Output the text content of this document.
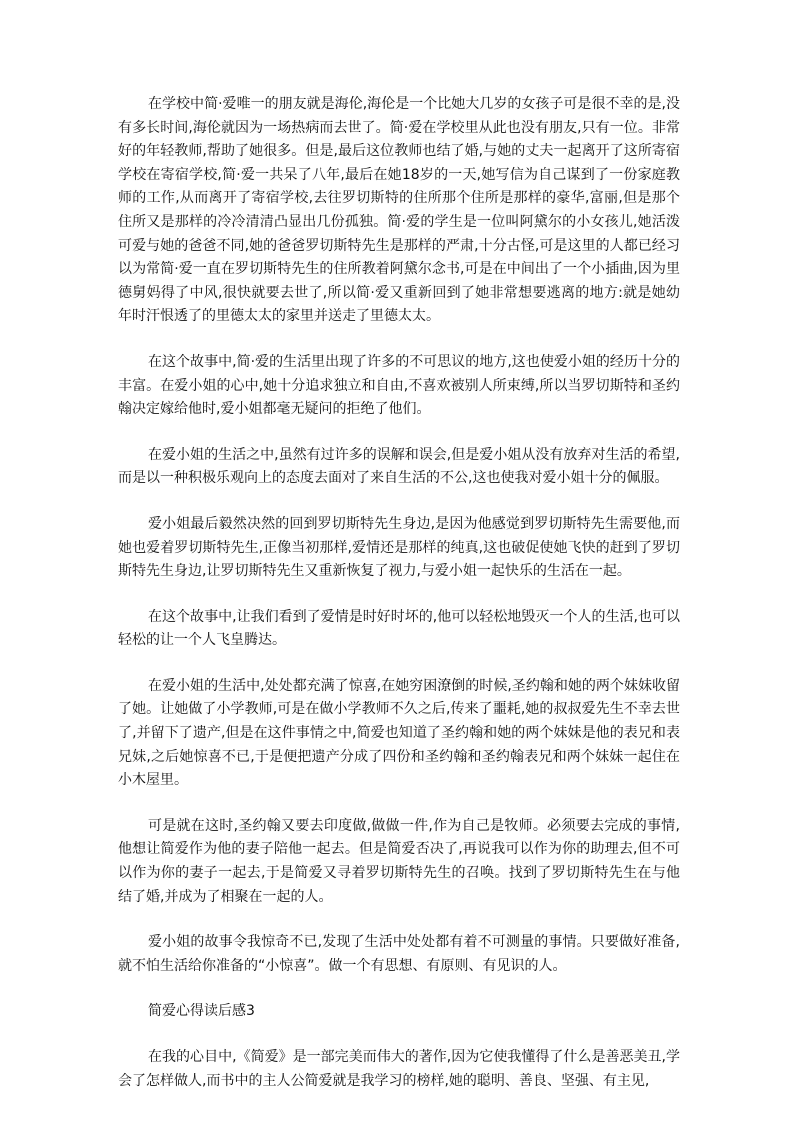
在学校中简·爱唯一的朋友就是海伦,海伦是一个比她大几岁的女孩子可是很不幸的是,没有多长时间,海伦就因为一场热病而去世了。简·爱在学校里从此也没有朋友,只有一位。非常好的年轻教师,帮助了她很多。但是,最后这位教师也结了婚,与她的丈夫一起离开了这所寄宿学校在寄宿学校,简·爱一共呆了八年,最后在她18岁的一天,她写信为自己谋到了一份家庭教师的工作,从而离开了寄宿学校,去往罗切斯特的住所那个住所是那样的豪华,富丽,但是那个住所又是那样的冷冷清清凸显出几份孤独。简·爱的学生是一位叫阿黛尔的小女孩儿,她活泼可爱与她的爸爸不同,她的爸爸罗切斯特先生是那样的严肃,十分古怪,可是这里的人都已经习以为常简·爱一直在罗切斯特先生的住所教着阿黛尔念书,可是在中间出了一个小插曲,因为里德舅妈得了中风,很快就要去世了,所以简·爱又重新回到了她非常想要逃离的地方:就是她幼年时汗恨透了的里德太太的家里并送走了里德太太。

在这个故事中,简·爱的生活里出现了许多的不可思议的地方,这也使爱小姐的经历十分的丰富。在爱小姐的心中,她十分追求独立和自由,不喜欢被别人所束缚,所以当罗切斯特和圣约翰决定嫁给他时,爱小姐都毫无疑问的拒绝了他们。

在爱小姐的生活之中,虽然有过许多的误解和误会,但是爱小姐从没有放弃对生活的希望,而是以一种积极乐观向上的态度去面对了来自生活的不公,这也使我对爱小姐十分的佩服。

爱小姐最后毅然决然的回到罗切斯特先生身边,是因为他感觉到罗切斯特先生需要他,而她也爱着罗切斯特先生,正像当初那样,爱情还是那样的纯真,这也破促使她飞快的赶到了罗切斯特先生身边,让罗切斯特先生又重新恢复了视力,与爱小姐一起快乐的生活在一起。

在这个故事中,让我们看到了爱情是时好时坏的,他可以轻松地毁灭一个人的生活,也可以轻松的让一个人飞皇腾达。

在爱小姐的生活中,处处都充满了惊喜,在她穷困潦倒的时候,圣约翰和她的两个妹妹收留了她。让她做了小学教师,可是在做小学教师不久之后,传来了噩耗,她的叔叔爱先生不幸去世了,并留下了遗产,但是在这件事情之中,简爱也知道了圣约翰和她的两个妹妹是他的表兄和表兄妹,之后她惊喜不已,于是便把遗产分成了四份和圣约翰和圣约翰表兄和两个妹妹一起住在小木屋里。

可是就在这时,圣约翰又要去印度做,做做一件,作为自己是牧师。必须要去完成的事情,他想让简爱作为他的妻子陪他一起去。但是简爱否决了,再说我可以作为你的助理去,但不可以作为你的妻子一起去,于是简爱又寻着罗切斯特先生的召唤。找到了罗切斯特先生在与他结了婚,并成为了相聚在一起的人。

爱小姐的故事令我惊奇不已,发现了生活中处处都有着不可测量的事情。只要做好准备,就不怕生活给你准备的“小惊喜”。做一个有思想、有原则、有见识的人。

简爱心得读后感3

在我的心目中,《简爱》是一部完美而伟大的著作,因为它使我懂得了什么是善恶美丑,学会了怎样做人,而书中的主人公简爱就是我学习的榜样,她的聪明、善良、坚强、有主见,
